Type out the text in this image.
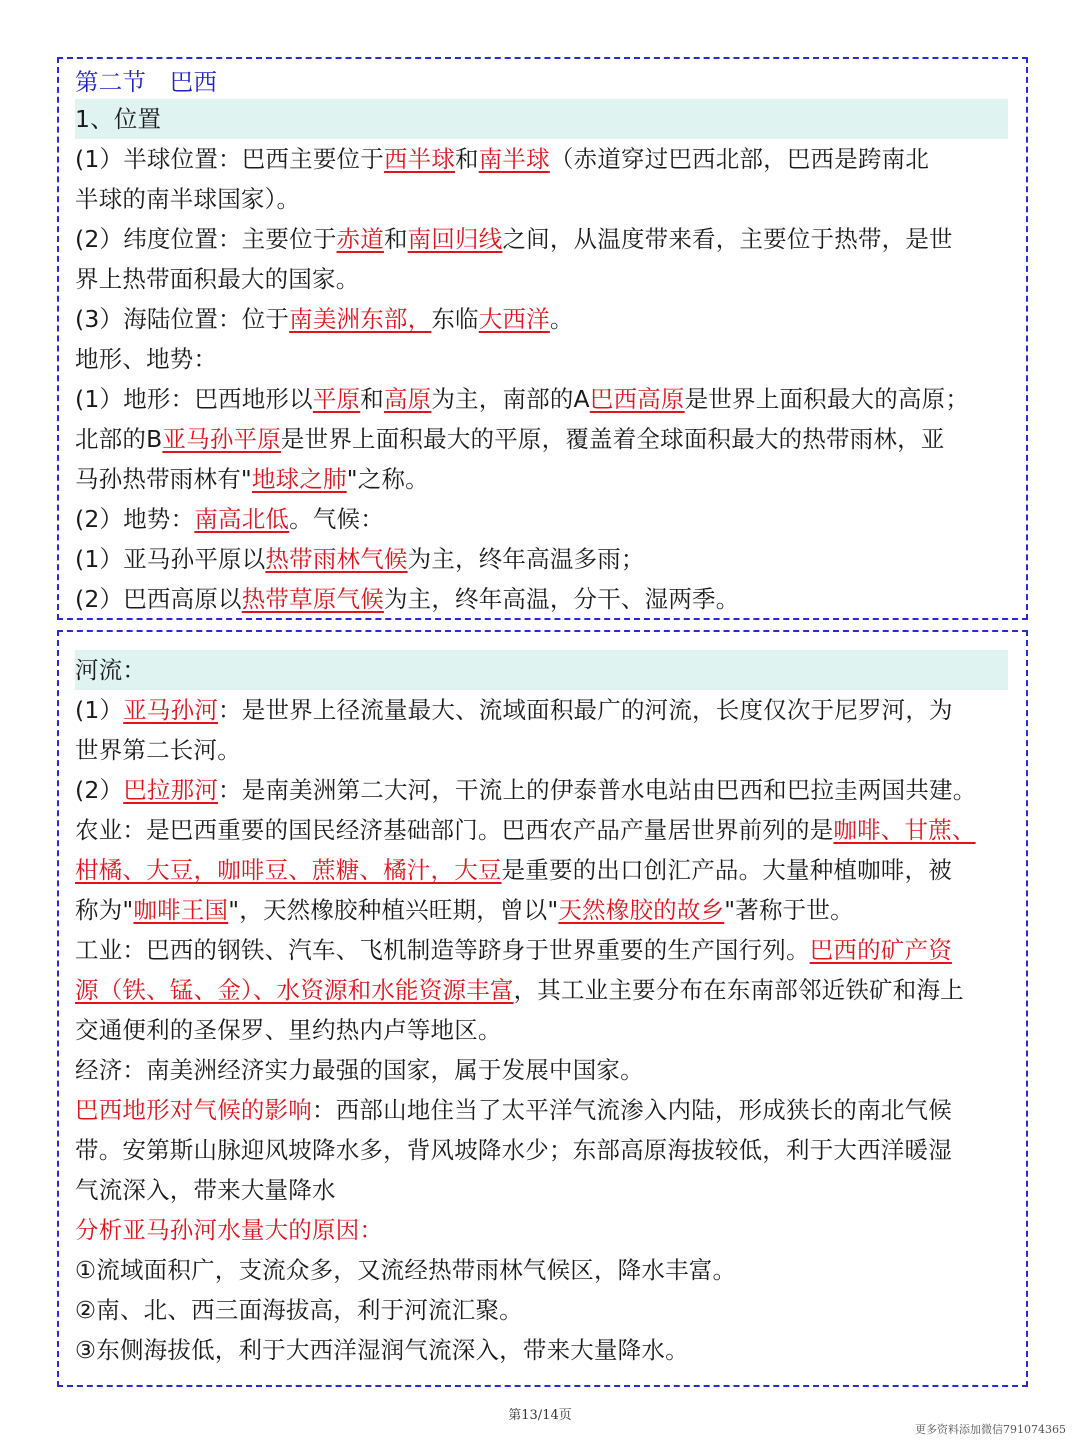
第二节　巴西
1、位置
(1）半球位置：巴西主要位于西半球和南半球（赤道穿过巴西北部，巴西是跨南北
半球的南半球国家）。
(2）纬度位置：主要位于赤道和南回归线之间，从温度带来看，主要位于热带，是世
界上热带面积最大的国家。
(3）海陆位置：位于南美洲东部，东临大西洋。
地形、地势：
(1）地形：巴西地形以平原和高原为主，南部的A巴西高原是世界上面积最大的高原；
北部的B亚马孙平原是世界上面积最大的平原，覆盖着全球面积最大的热带雨林，亚
马孙热带雨林有"地球之肺"之称。
(2）地势：南高北低。气候：
(1）亚马孙平原以热带雨林气候为主，终年高温多雨；
(2）巴西高原以热带草原气候为主，终年高温，分干、湿两季。
河流：
(1）亚马孙河：是世界上径流量最大、流域面积最广的河流，长度仅次于尼罗河，为
世界第二长河。
(2）巴拉那河：是南美洲第二大河，干流上的伊泰普水电站由巴西和巴拉圭两国共建。
农业：是巴西重要的国民经济基础部门。巴西农产品产量居世界前列的是咖啡、甘蔗、
柑橘、大豆，咖啡豆、蔗糖、橘汁，大豆是重要的出口创汇产品。大量种植咖啡，被
称为"咖啡王国"，天然橡胶种植兴旺期，曾以"天然橡胶的故乡"著称于世。
工业：巴西的钢铁、汽车、飞机制造等跻身于世界重要的生产国行列。巴西的矿产资
源（铁、锰、金）、水资源和水能资源丰富，其工业主要分布在东南部邻近铁矿和海上
交通便利的圣保罗、里约热内卢等地区。
经济：南美洲经济实力最强的国家，属于发展中国家。
巴西地形对气候的影响：西部山地住当了太平洋气流渗入内陆，形成狭长的南北气候
带。安第斯山脉迎风坡降水多，背风坡降水少；东部高原海拔较低，利于大西洋暖湿
气流深入，带来大量降水
分析亚马孙河水量大的原因：
①流域面积广，支流众多，又流经热带雨林气候区，降水丰富。
②南、北、西三面海拔高，利于河流汇聚。
③东侧海拔低，利于大西洋湿润气流深入，带来大量降水。
第13/14页
更多资料添加微信791074365
